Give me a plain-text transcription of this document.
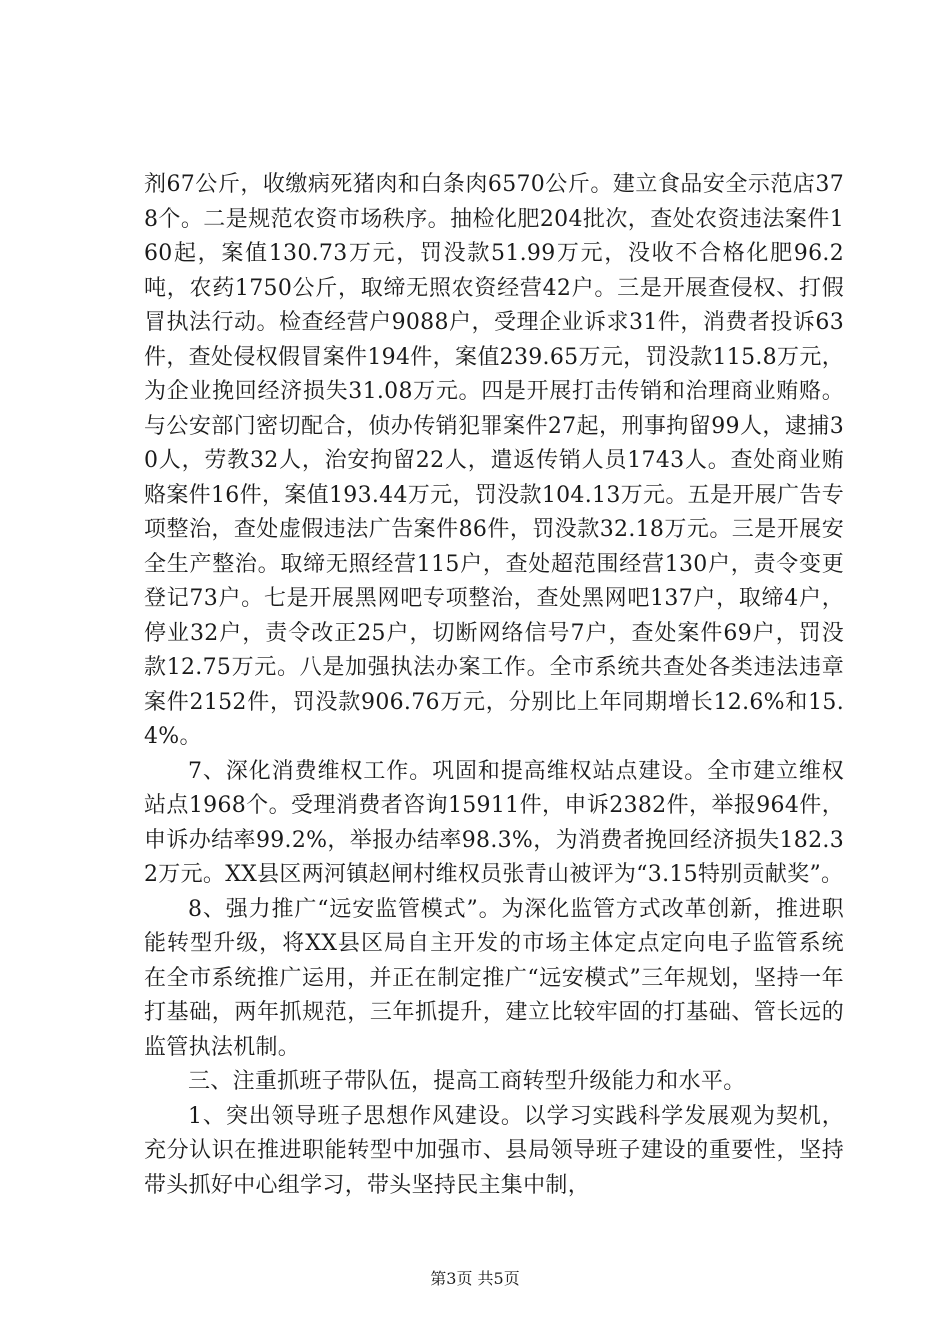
剂67公斤，收缴病死猪肉和白条肉6570公斤。建立食品安全示范店378个。二是规范农资市场秩序。抽检化肥204批次，查处农资违法案件160起，案值130.73万元，罚没款51.99万元，没收不合格化肥96.2吨，农药1750公斤，取缔无照农资经营42户。三是开展查侵权、打假冒执法行动。检查经营户9088户，受理企业诉求31件，消费者投诉63件，查处侵权假冒案件194件，案值239.65万元，罚没款115.8万元，为企业挽回经济损失31.08万元。四是开展打击传销和治理商业贿赂。与公安部门密切配合，侦办传销犯罪案件27起，刑事拘留99人，逮捕30人，劳教32人，治安拘留22人，遣返传销人员1743人。查处商业贿赂案件16件，案值193.44万元，罚没款104.13万元。五是开展广告专项整治，查处虚假违法广告案件86件，罚没款32.18万元。三是开展安全生产整治。取缔无照经营115户，查处超范围经营130户，责令变更登记73户。七是开展黑网吧专项整治，查处黑网吧137户，取缔4户，停业32户，责令改正25户，切断网络信号7户，查处案件69户，罚没款12.75万元。八是加强执法办案工作。全市系统共查处各类违法违章案件2152件，罚没款906.76万元，分别比上年同期增长12.6%和15.4%。

7、深化消费维权工作。巩固和提高维权站点建设。全市建立维权站点1968个。受理消费者咨询15911件，申诉2382件，举报964件，申诉办结率99.2%，举报办结率98.3%，为消费者挽回经济损失182.32万元。XX县区两河镇赵闸村维权员张青山被评为“3.15特别贡献奖”。

8、强力推广“远安监管模式”。为深化监管方式改革创新，推进职能转型升级，将XX县区局自主开发的市场主体定点定向电子监管系统在全市系统推广运用，并正在制定推广“远安模式”三年规划，坚持一年打基础，两年抓规范，三年抓提升，建立比较牢固的打基础、管长远的监管执法机制。

三、注重抓班子带队伍，提高工商转型升级能力和水平。

1、突出领导班子思想作风建设。以学习实践科学发展观为契机，充分认识在推进职能转型中加强市、县局领导班子建设的重要性，坚持带头抓好中心组学习，带头坚持民主集中制，

第3页 共5页
